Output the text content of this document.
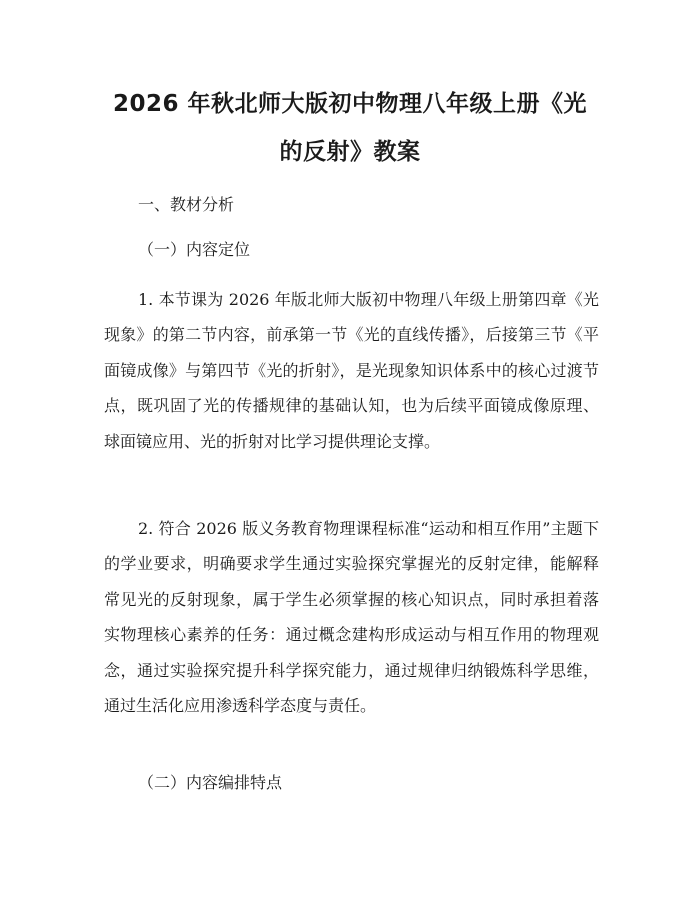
2026 年秋北师大版初中物理八年级上册《光
的反射》教案

一、教材分析

（一）内容定位

1. 本节课为 2026 年版北师大版初中物理八年级上册第四章《光现象》的第二节内容，前承第一节《光的直线传播》，后接第三节《平面镜成像》与第四节《光的折射》，是光现象知识体系中的核心过渡节点，既巩固了光的传播规律的基础认知，也为后续平面镜成像原理、球面镜应用、光的折射对比学习提供理论支撑。

2. 符合 2026 版义务教育物理课程标准“运动和相互作用”主题下的学业要求，明确要求学生通过实验探究掌握光的反射定律，能解释常见光的反射现象，属于学生必须掌握的核心知识点，同时承担着落实物理核心素养的任务：通过概念建构形成运动与相互作用的物理观念，通过实验探究提升科学探究能力，通过规律归纳锻炼科学思维，通过生活化应用渗透科学态度与责任。

（二）内容编排特点
